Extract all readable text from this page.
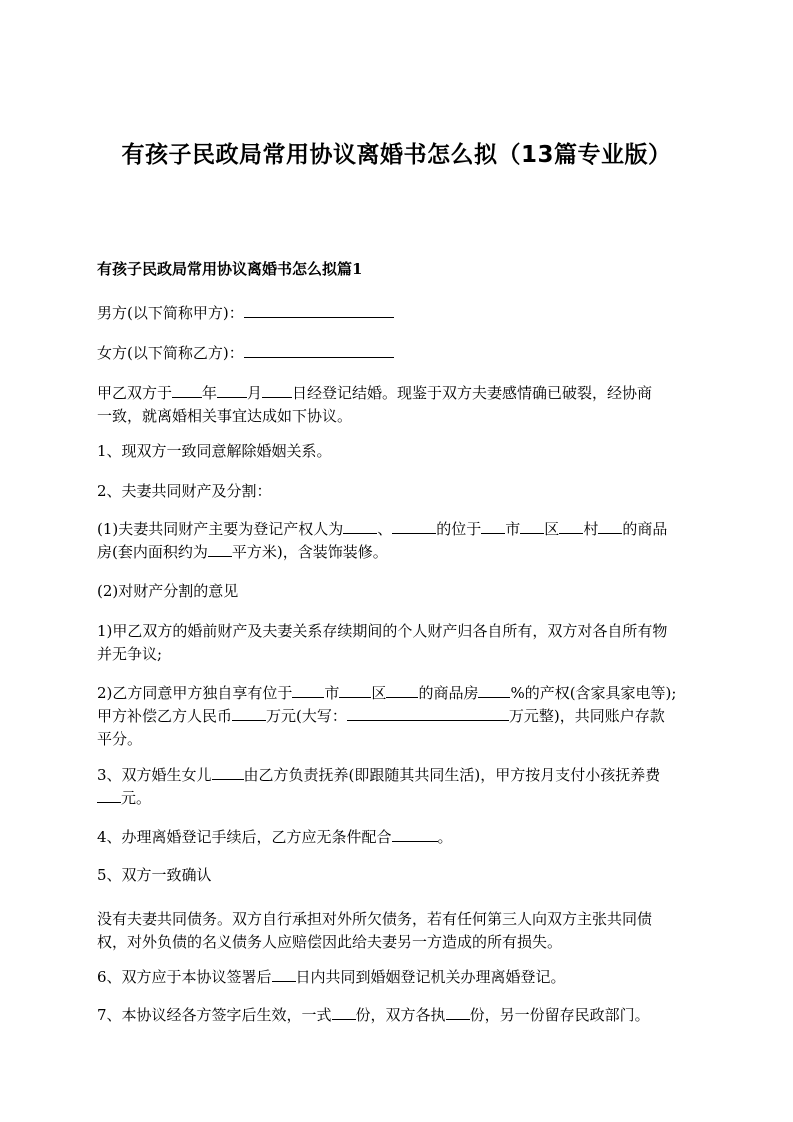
有孩子民政局常用协议离婚书怎么拟（13篇专业版）
有孩子民政局常用协议离婚书怎么拟篇1
男方(以下简称甲方)：
女方(以下简称乙方)：
甲乙双方于 年 月 日经登记结婚。现鉴于双方夫妻感情确已破裂，经协商
一致，就离婚相关事宜达成如下协议。
1、现双方一致同意解除婚姻关系。
2、夫妻共同财产及分割：
(1)夫妻共同财产主要为登记产权人为 、	的位于 市 区 村 的商品
房(套内面积约为 平方米)，含装饰装修。
(2)对财产分割的意见
1)甲乙双方的婚前财产及夫妻关系存续期间的个人财产归各自所有，双方对各自所有物
并无争议;
2)乙方同意甲方独自享有位于 市 区 的商品房 %的产权(含家具家电等);
甲方补偿乙方人民币 万元(大写：	万元整)，共同账户存款
平分。
3、双方婚生女儿 由乙方负责抚养(即跟随其共同生活)，甲方按月支付小孩抚养费
元。
4、办理离婚登记手续后，乙方应无条件配合	。
5、双方一致确认
没有夫妻共同债务。双方自行承担对外所欠债务，若有任何第三人向双方主张共同债
权，对外负债的名义债务人应赔偿因此给夫妻另一方造成的所有损失。
6、双方应于本协议签署后 日内共同到婚姻登记机关办理离婚登记。
7、本协议经各方签字后生效，一式 份，双方各执 份，另一份留存民政部门。
